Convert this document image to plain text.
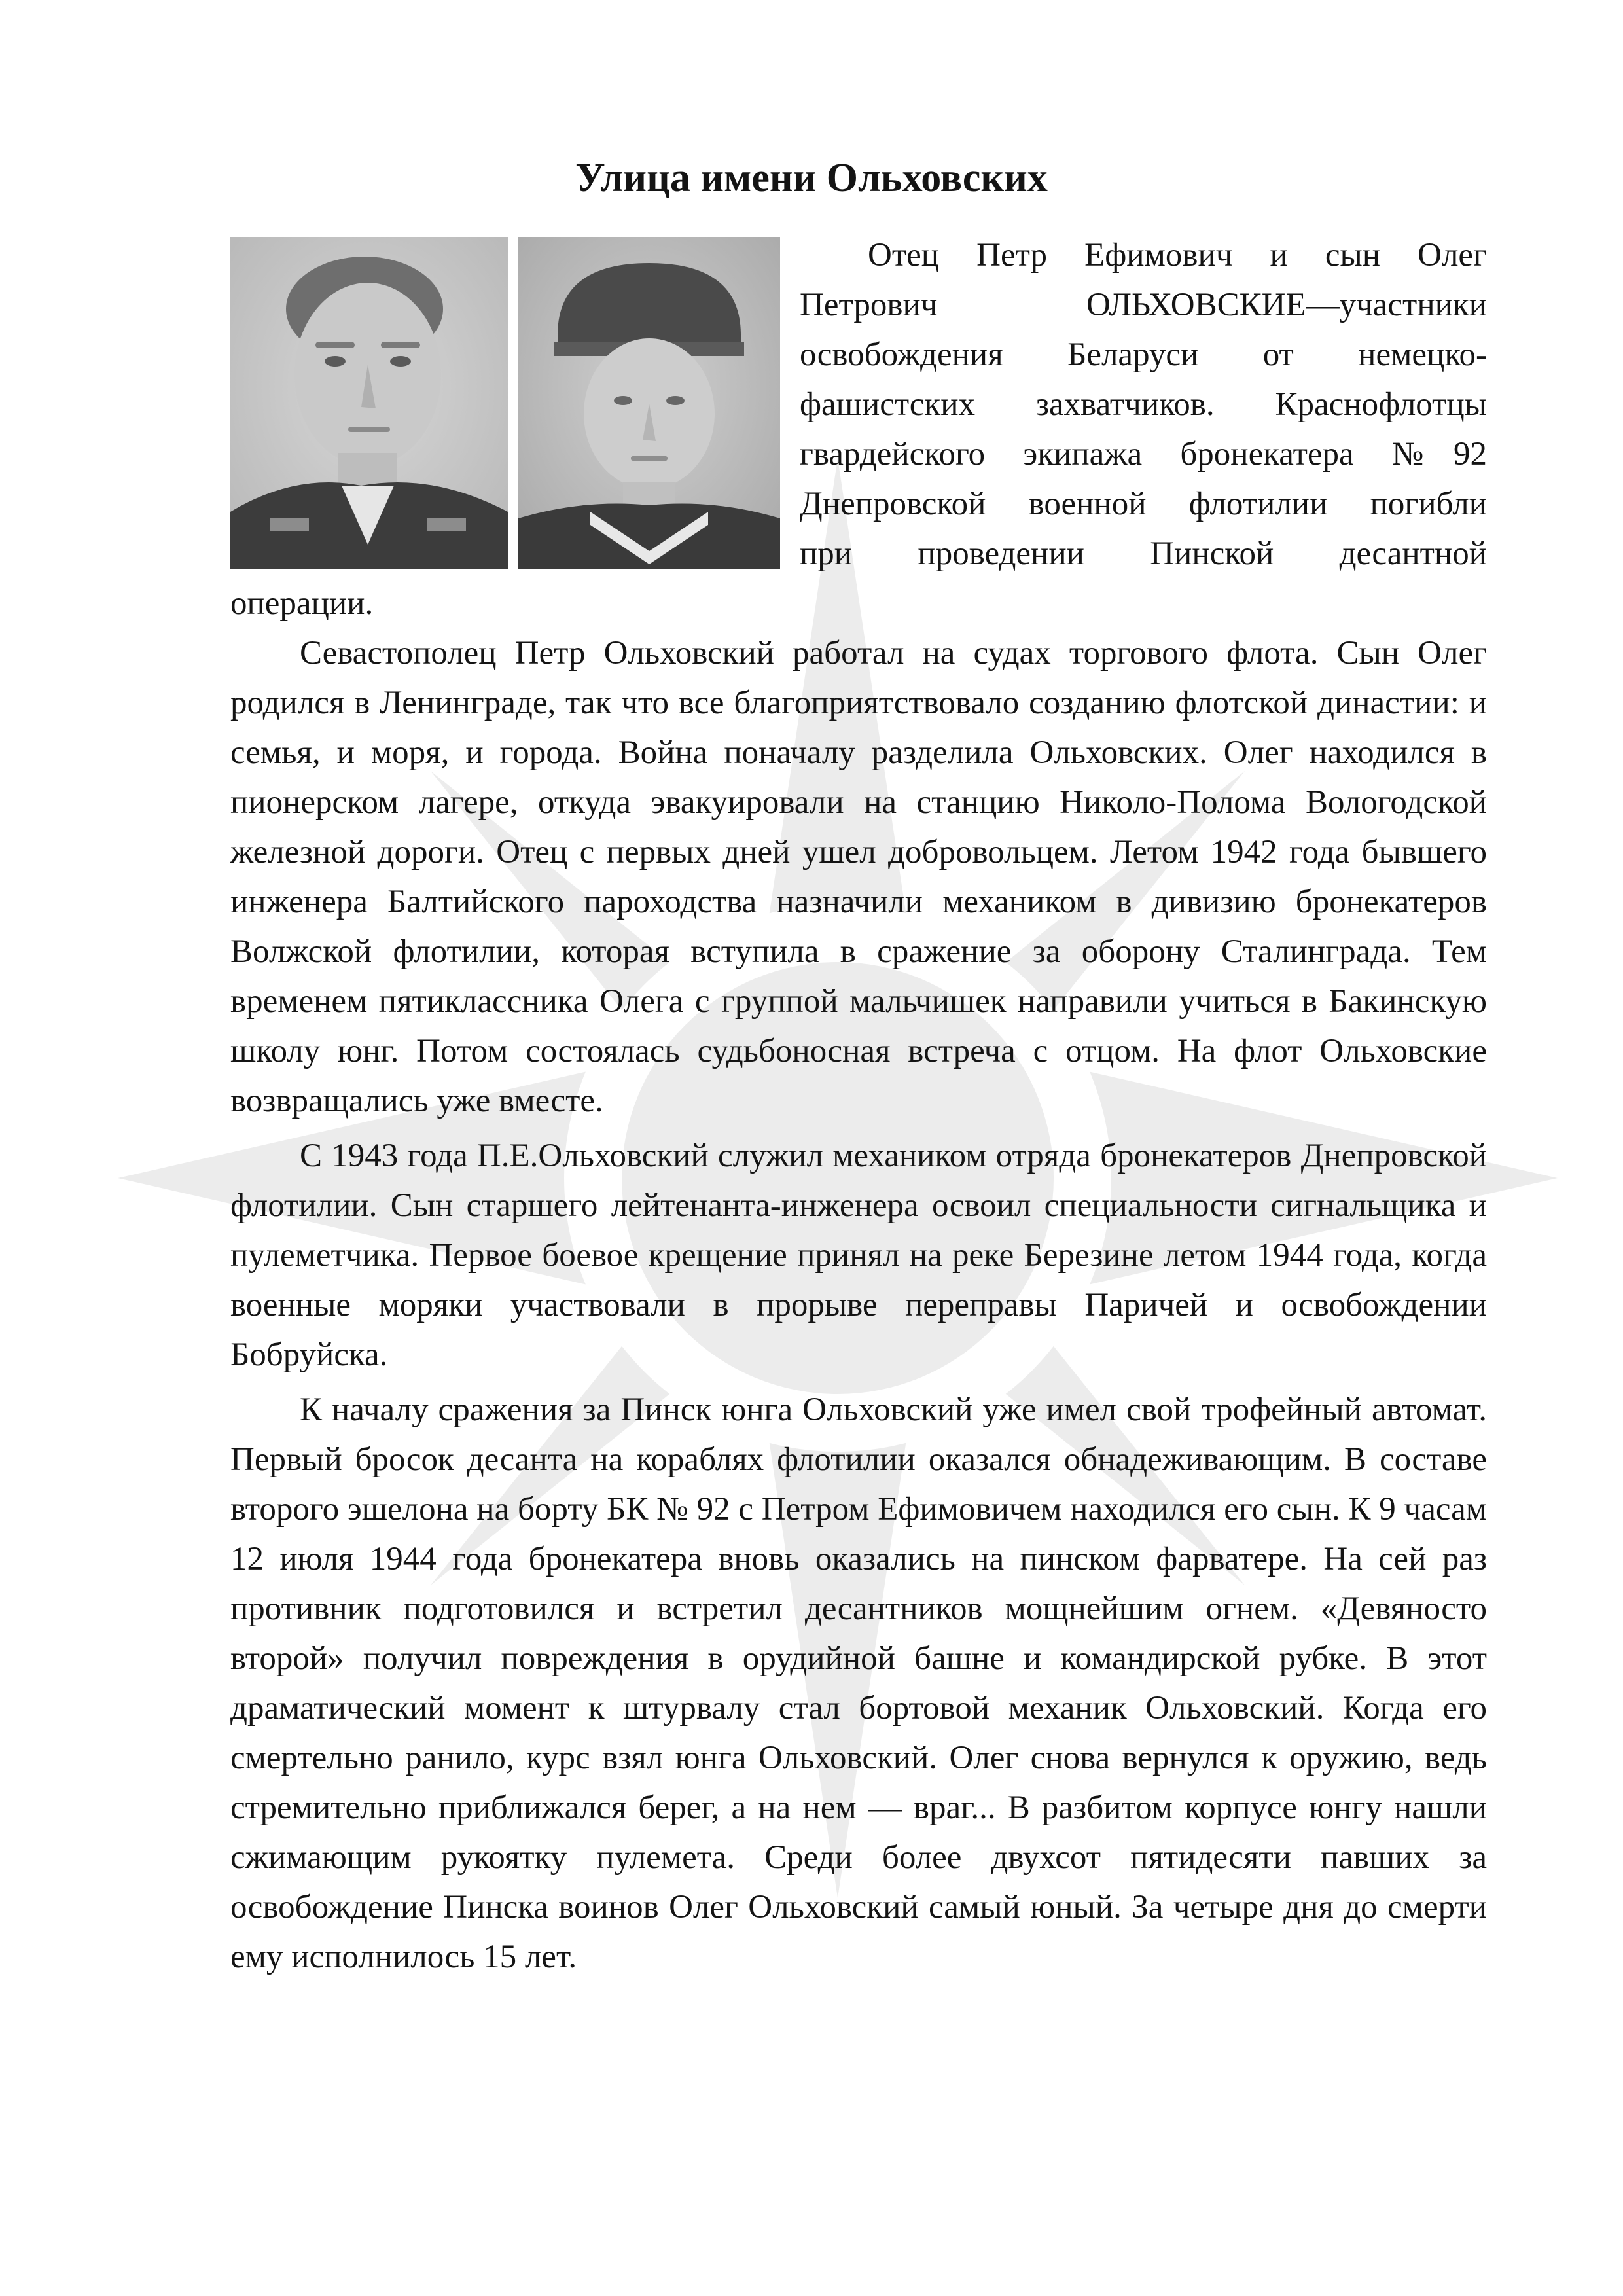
Улица имени Ольховских
Отец Петр Ефимович и сын Олег
Петрович ОЛЬХОВСКИЕ—участники
освобождения Беларуси от немецко-
фашистских захватчиков. Краснофлотцы
гвардейского экипажа бронекатера №92
Днепровской военной флотилии погибли
при проведении Пинской десантной

операции.

Севастополец Петр Ольховский работал на судах торгового флота. Сын Олег родился в Ленинграде, так что все благоприятствовало созданию флотской династии: и семья, и моря, и города. Война поначалу разделила Ольховских. Олег находился в пионерском лагере, откуда эвакуировали на станцию Николо-Полома Вологодской железной дороги. Отец с первых дней ушел добровольцем. Летом 1942 года бывшего инженера Балтийского пароходства назначили механиком в дивизию бронекатеров Волжской флотилии, которая вступила в сражение за оборону Сталинграда. Тем временем пятиклассника Олега с группой мальчишек направили учиться в Бакинскую школу юнг. Потом состоялась судьбоносная встреча с отцом. На флот Ольховские возвращались уже вместе.

С 1943 года П.Е.Ольховский служил механиком отряда бронекатеров Днепровской флотилии. Сын старшего лейтенанта-инженера освоил специальности сигнальщика и пулеметчика. Первое боевое крещение принял на реке Березине летом 1944 года, когда военные моряки участвовали в прорыве переправы Паричей и освобождении Бобруйска.

К началу сражения за Пинск юнга Ольховский уже имел свой трофейный автомат. Первый бросок десанта на кораблях флотилии оказался обнадеживающим. В составе второго эшелона на борту БК № 92 с Петром Ефимовичем находился его сын. К 9 часам 12 июля 1944 года бронекатера вновь оказались на пинском фарватере. На сей раз противник подготовился и встретил десантников мощнейшим огнем. «Девяносто второй» получил повреждения в орудийной башне и командирской рубке. В этот драматический момент к штурвалу стал бортовой механик Ольховский. Когда его смертельно ранило, курс взял юнга Ольховский. Олег снова вернулся к оружию, ведь стремительно приближался берег, а на нем — враг... В разбитом корпусе юнгу нашли сжимающим рукоятку пулемета. Среди более двухсот пятидесяти павших за освобождение Пинска воинов Олег Ольховский самый юный. За четыре дня до смерти ему исполнилось 15 лет.
